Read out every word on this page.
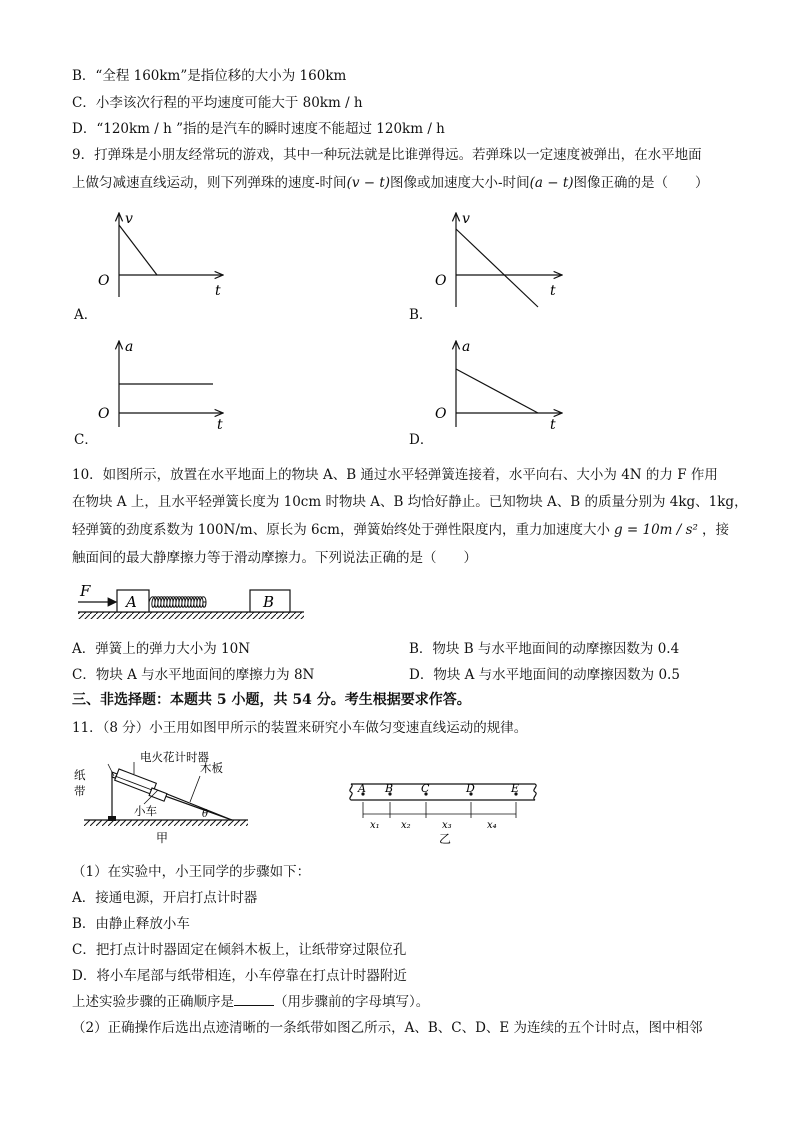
B．“全程 160km”是指位移的大小为 160km
C．小李该次行程的平均速度可能大于 80km / h
D．“120km / h ”指的是汽车的瞬时速度不能超过 120km / h
9．打弹珠是小朋友经常玩的游戏，其中一种玩法就是比谁弹得远。若弹珠以一定速度被弹出，在水平地面
上做匀减速直线运动，则下列弹珠的速度-时间(v − t)图像或加速度大小-时间(a − t)图像正确的是（　　）
v
O
t
A．
v
O
t
B．
a
O
t
C．
a
O
t
D．
10．如图所示，放置在水平地面上的物块 A、B 通过水平轻弹簧连接着，水平向右、大小为 4N 的力 F 作用
在物块 A 上，且水平轻弹簧长度为 10cm 时物块 A、B 均恰好静止。已知物块 A、B 的质量分别为 4kg、1kg，
轻弹簧的劲度系数为 100N/m、原长为 6cm，弹簧始终处于弹性限度内，重力加速度大小 g = 10m / s² ，接
触面间的最大静摩擦力等于滑动摩擦力。下列说法正确的是（　　）
F
A	B
A．弹簧上的弹力大小为 10N	B．物块 B 与水平地面间的动摩擦因数为 0.4
C．物块 A 与水平地面间的摩擦力为 8N	D．物块 A 与水平地面间的动摩擦因数为 0.5
三、非选择题：本题共 5 小题，共 54 分。考生根据要求作答。
11．（8 分）小王用如图甲所示的装置来研究小车做匀变速直线运动的规律。
电火花计时器
纸
带
木板
小车	θ
甲
A B	C	D	E
x₁ x₂	x₃	x₄
乙
（1）在实验中，小王同学的步骤如下：
A．接通电源，开启打点计时器
B．由静止释放小车
C．把打点计时器固定在倾斜木板上，让纸带穿过限位孔
D．将小车尾部与纸带相连，小车停靠在打点计时器附近
上述实验步骤的正确顺序是	（用步骤前的字母填写）。
（2）正确操作后选出点迹清晰的一条纸带如图乙所示，A、B、C、D、E 为连续的五个计时点，图中相邻
